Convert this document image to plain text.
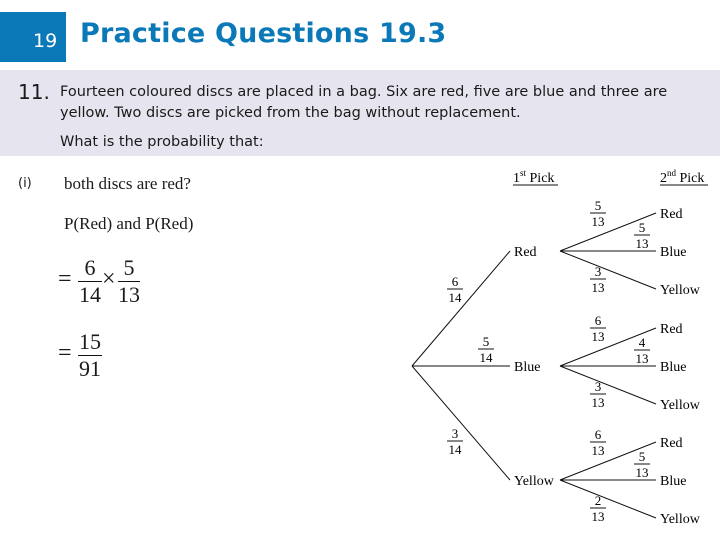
19 Practice Questions 19.3
11. Fourteen coloured discs are placed in a bag. Six are red, five are blue and three are yellow. Two discs are picked from the bag without replacement.
What is the probability that:
(i) both discs are red?
P(Red) and P(Red)
= 6
14
× 5
13
= 15
91
1st Pick	2nd Pick
6
14
Red
5
13	Red
5
13
Blue
3
13	Yellow
5
14
Blue
6
13	Red
4
13
Blue
3
13	Yellow
3
14
Yellow
6
13	Red
5
13
Blue
2
13	Yellow
